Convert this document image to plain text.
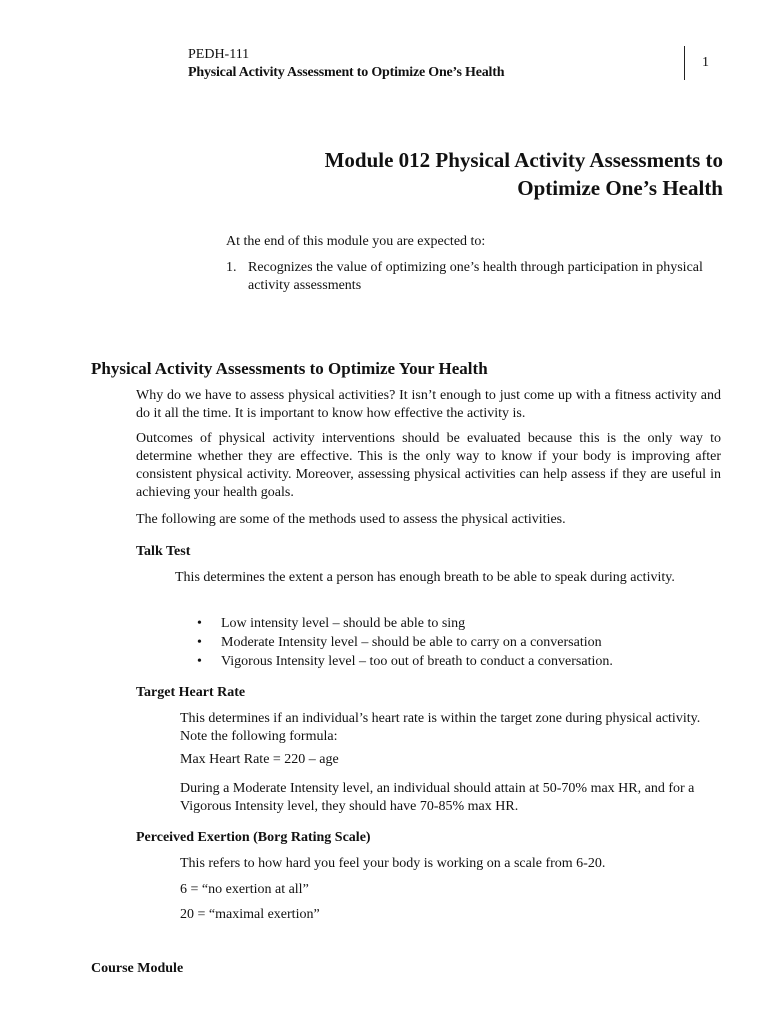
PEDH-111
Physical Activity Assessment to Optimize One’s Health
1
Module 012 Physical Activity Assessments to
Optimize One’s Health
At the end of this module you are expected to:
1. Recognizes the value of optimizing one’s health through participation in physical activity assessments
Physical Activity Assessments to Optimize Your Health
Why do we have to assess physical activities? It isn’t enough to just come up with a fitness activity and do it all the time. It is important to know how effective the activity is.
Outcomes of physical activity interventions should be evaluated because this is the only way to determine whether they are effective. This is the only way to know if your body is improving after consistent physical activity. Moreover, assessing physical activities can help assess if they are useful in achieving your health goals.
The following are some of the methods used to assess the physical activities.
Talk Test
This determines the extent a person has enough breath to be able to speak during activity.
• Low intensity level – should be able to sing
• Moderate Intensity level – should be able to carry on a conversation
• Vigorous Intensity level – too out of breath to conduct a conversation.
Target Heart Rate
This determines if an individual’s heart rate is within the target zone during physical activity. Note the following formula:
Max Heart Rate = 220 – age
During a Moderate Intensity level, an individual should attain at 50-70% max HR, and for a Vigorous Intensity level, they should have 70-85% max HR.
Perceived Exertion (Borg Rating Scale)
This refers to how hard you feel your body is working on a scale from 6-20.
6 = “no exertion at all”
20 = “maximal exertion”
Course Module
